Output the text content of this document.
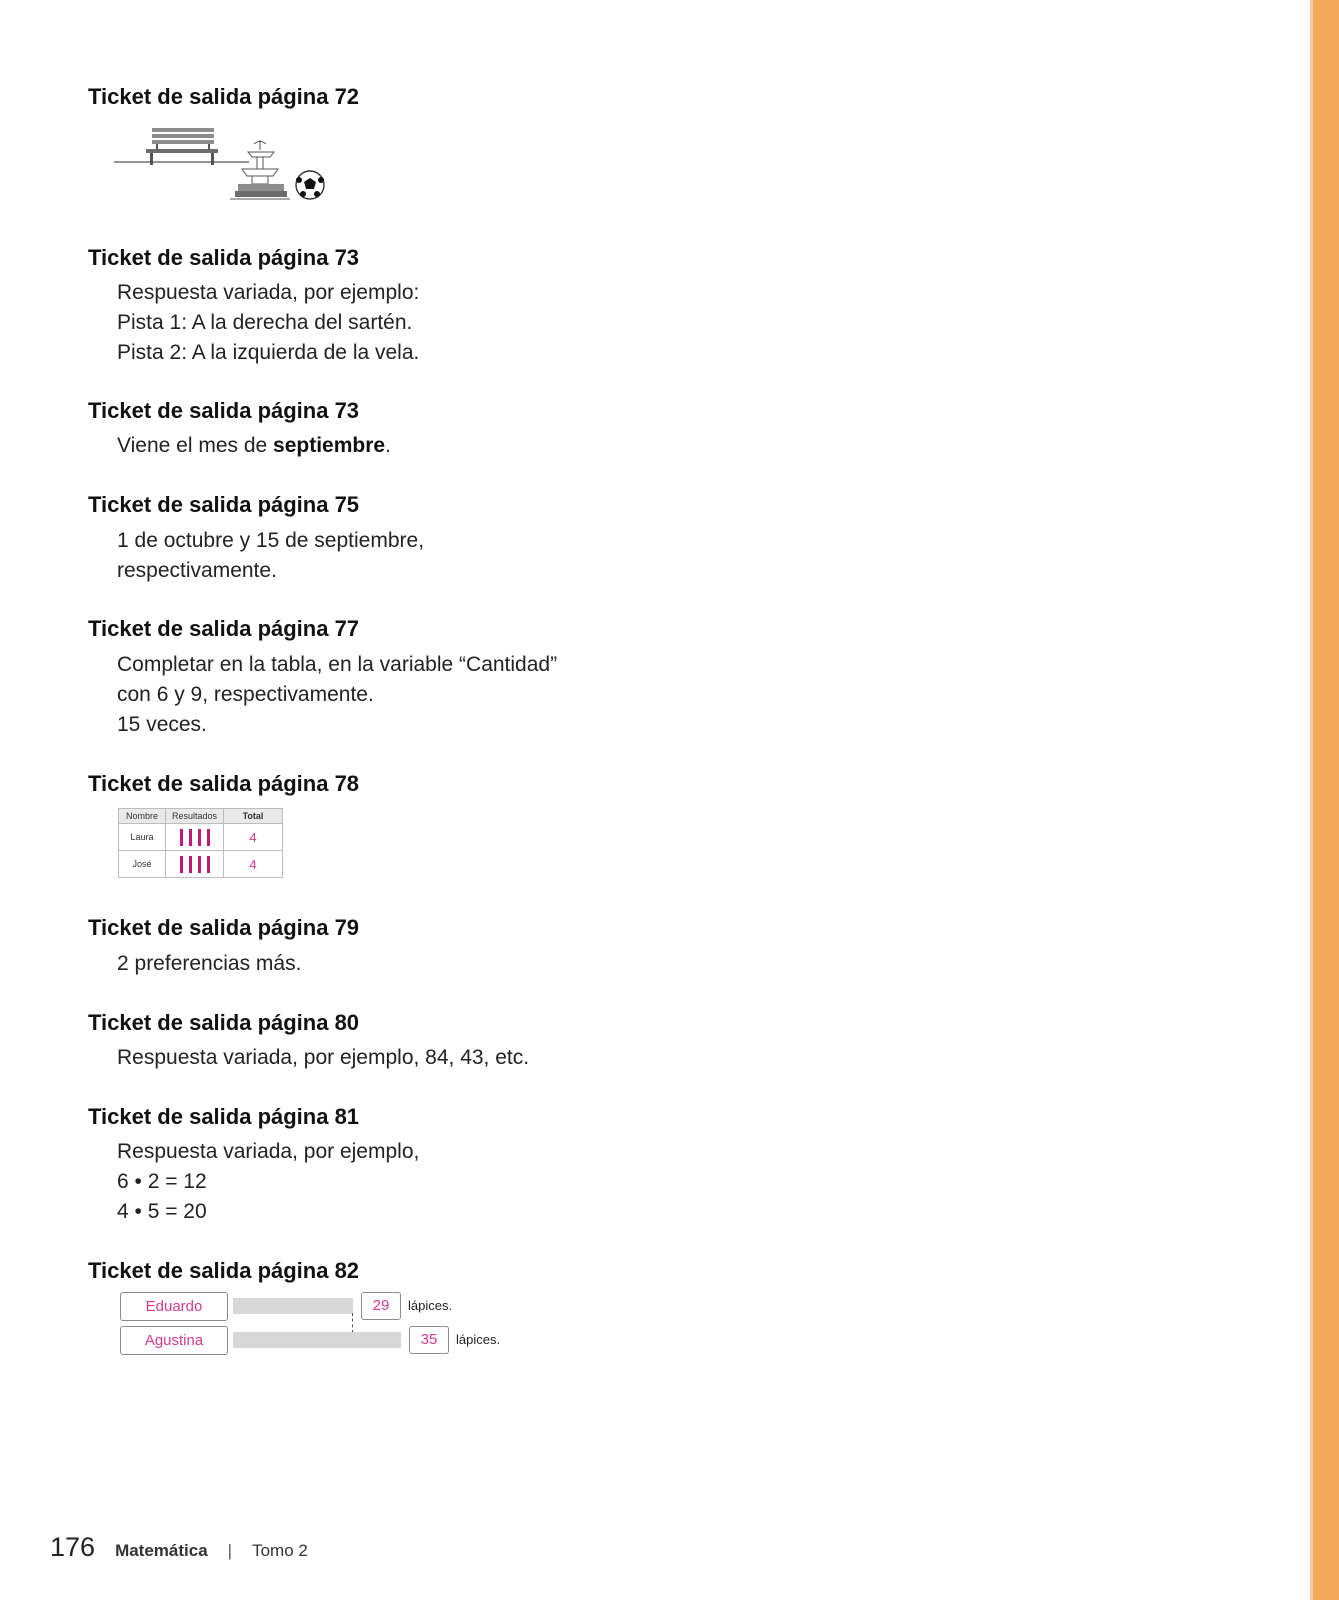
Ticket de salida página 72
Ticket de salida página 73

Respuesta variada, por ejemplo:

Pista 1: A la derecha del sartén.

Pista 2: A la izquierda de la vela.

Ticket de salida página 73

Viene el mes de septiembre.

Ticket de salida página 75

1 de octubre y 15 de septiembre,

respectivamente.

Ticket de salida página 77

Completar en la tabla, en la variable “Cantidad”

con 6 y 9, respectivamente.

15 veces.

Ticket de salida página 78
Nombre	Resultados	Total
Laura		4
José		4
Ticket de salida página 79

2 preferencias más.

Ticket de salida página 80

Respuesta variada, por ejemplo, 84, 43, etc.

Ticket de salida página 81

Respuesta variada, por ejemplo,

6 • 2 = 12

4 • 5 = 20

Ticket de salida página 82
Eduardo	29	lápices.
Agustina	35	lápices.
176 Matemática | Tomo 2
